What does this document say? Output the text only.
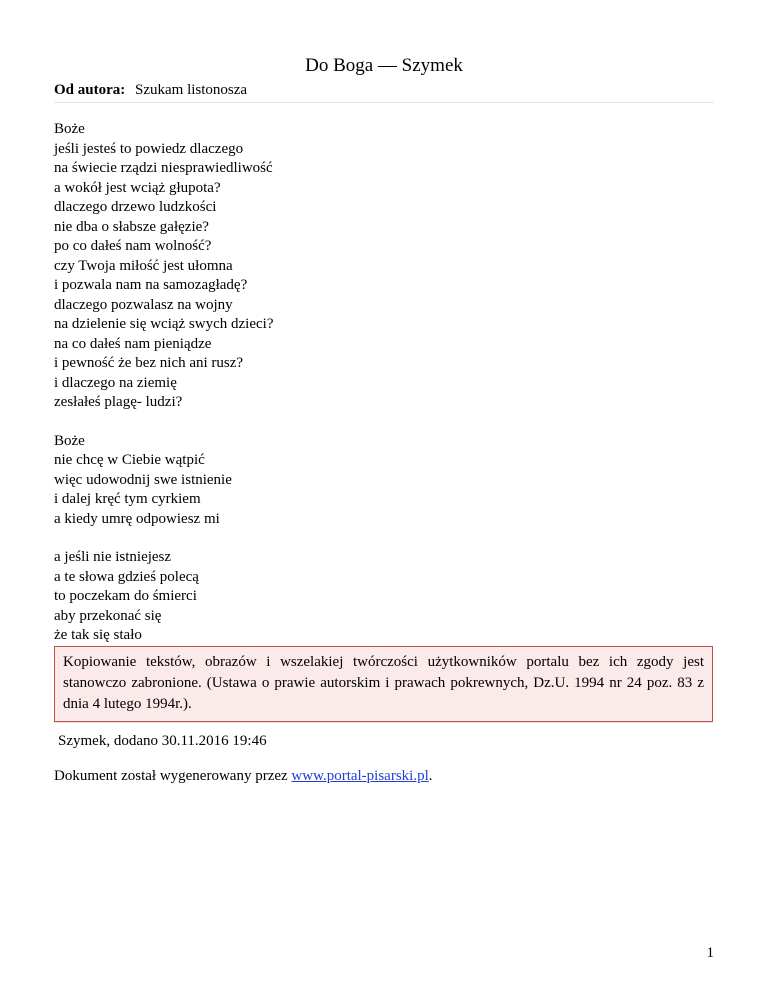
Do Boga — Szymek
Od autora: Szukam listonosza
Boże
jeśli jesteś to powiedz dlaczego
na świecie rządzi niesprawiedliwość
a wokół jest wciąż głupota?
dlaczego drzewo ludzkości
nie dba o słabsze gałęzie?
po co dałeś nam wolność?
czy Twoja miłość jest ułomna
i pozwala nam na samozagładę?
dlaczego pozwalasz na wojny
na dzielenie się wciąż swych dzieci?
na co dałeś nam pieniądze
i pewność że bez nich ani rusz?
i dlaczego na ziemię
zesłałeś plagę- ludzi?
Boże
nie chcę w Ciebie wątpić
więc udowodnij swe istnienie
i dalej kręć tym cyrkiem
a kiedy umrę odpowiesz mi
a jeśli nie istniejesz
a te słowa gdzieś polecą
to poczekam do śmierci
aby przekonać się
że tak się stało
Kopiowanie tekstów, obrazów i wszelakiej twórczości użytkowników portalu bez ich zgody jest stanowczo zabronione. (Ustawa o prawie autorskim i prawach pokrewnych, Dz.U. 1994 nr 24 poz. 83 z dnia 4 lutego 1994r.).
Szymek, dodano 30.11.2016 19:46
Dokument został wygenerowany przez www.portal-pisarski.pl.
1
